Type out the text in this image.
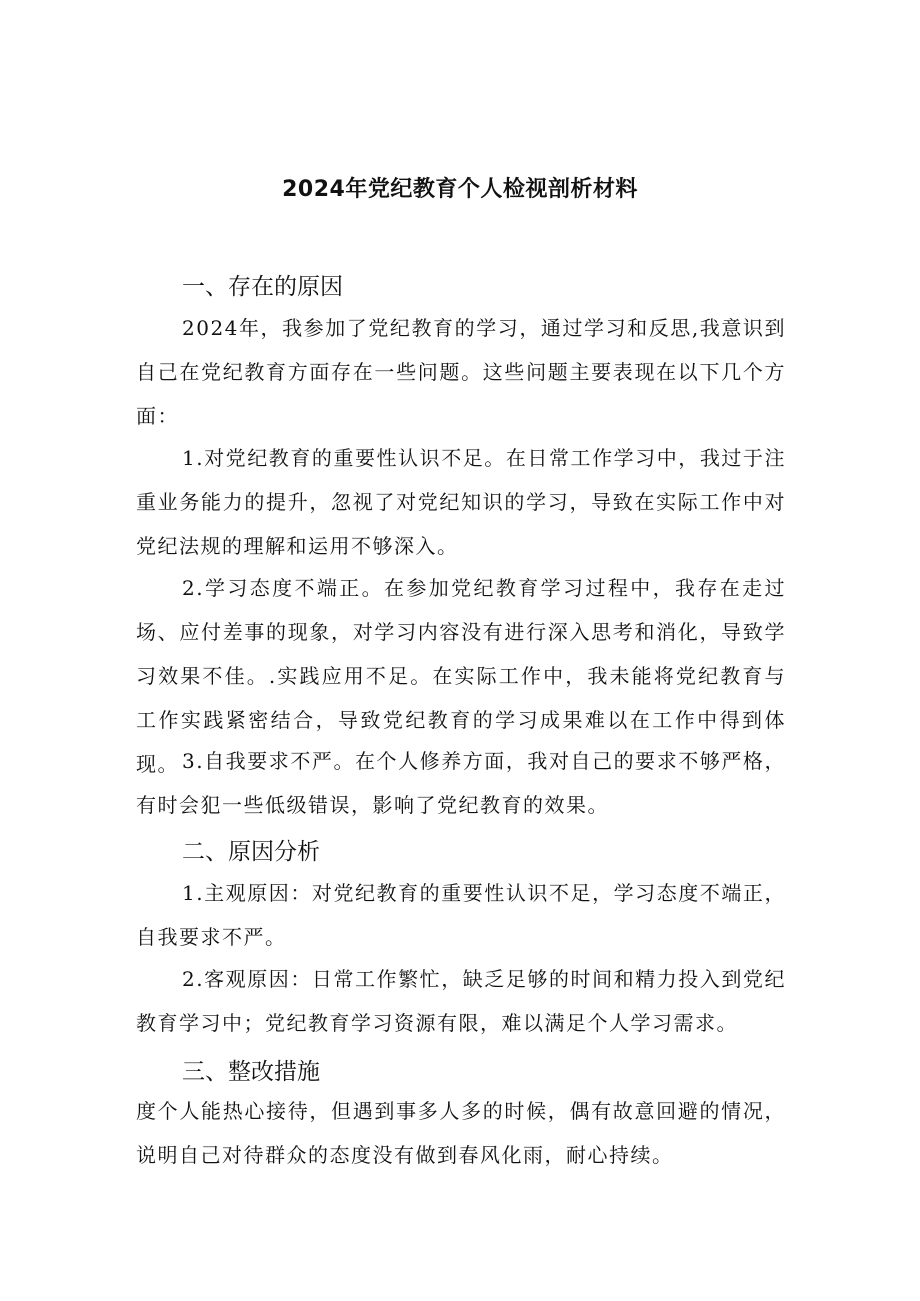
2024年党纪教育个人检视剖析材料
一、存在的原因
2024年，我参加了党纪教育的学习，通过学习和反思,我意识到自己在党纪教育方面存在一些问题。这些问题主要表现在以下几个方面：
1.对党纪教育的重要性认识不足。在日常工作学习中，我过于注重业务能力的提升，忽视了对党纪知识的学习，导致在实际工作中对党纪法规的理解和运用不够深入。
2.学习态度不端正。在参加党纪教育学习过程中，我存在走过场、应付差事的现象，对学习内容没有进行深入思考和消化，导致学习效果不佳。.实践应用不足。在实际工作中，我未能将党纪教育与工作实践紧密结合，导致党纪教育的学习成果难以在工作中得到体现。 3.自我要求不严。在个人修养方面，我对自己的要求不够严格，有时会犯一些低级错误，影响了党纪教育的效果。
二、原因分析
1.主观原因：对党纪教育的重要性认识不足，学习态度不端正，自我要求不严。
2.客观原因：日常工作繁忙，缺乏足够的时间和精力投入到党纪教育学习中；党纪教育学习资源有限，难以满足个人学习需求。
三、整改措施
度个人能热心接待，但遇到事多人多的时候，偶有故意回避的情况，说明自己对待群众的态度没有做到春风化雨，耐心持续。
